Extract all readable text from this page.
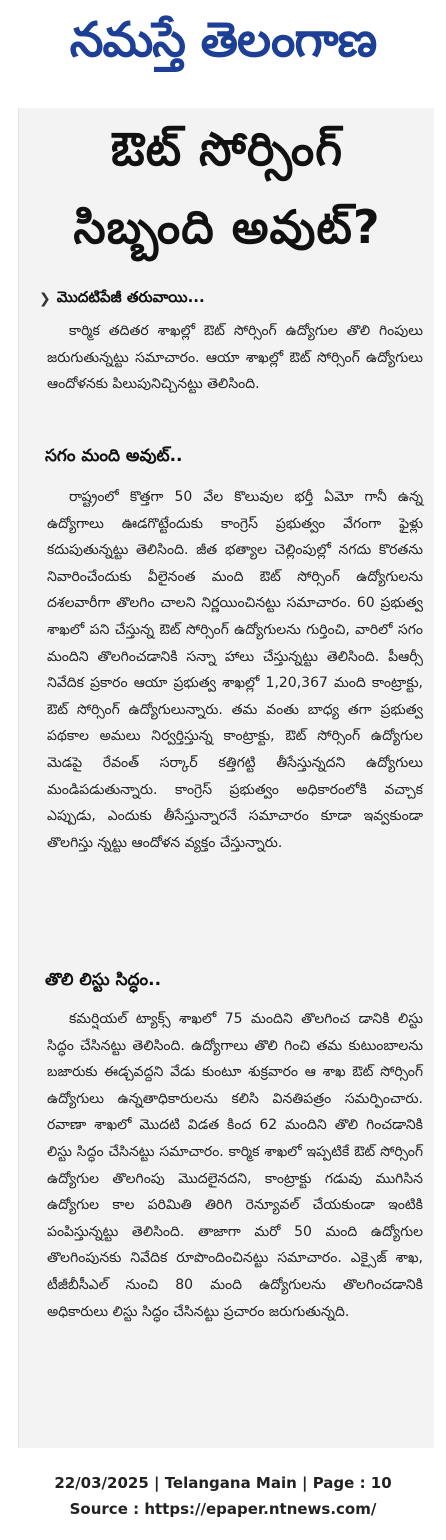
నమస్తే తెలంగాణ
ఔట్ సోర్సింగ్
సిబ్బంది అవుట్?
❯ మొదటిపేజీ తరువాయి...

కార్మిక తదితర శాఖల్లో ఔట్ సోర్సింగ్ ఉద్యోగుల తొలి గింపులు జరుగుతున్నట్టు సమాచారం. ఆయా శాఖల్లో ఔట్ సోర్సింగ్ ఉద్యోగులు ఆందోళనకు పిలుపునిచ్చినట్టు తెలిసింది.

సగం మంది అవుట్..

రాష్ట్రంలో కొత్తగా 50 వేల కొలువుల భర్తీ ఏమో గానీ ఉన్న ఉద్యోగాలు ఊడగొట్టేందుకు కాంగ్రెస్ ప్రభుత్వం వేగంగా ఫైళ్లు కదుపుతున్నట్టు తెలిసింది. జీత భత్యాల చెల్లింపుల్లో నగదు కొరతను నివారించేందుకు వీలైనంత మంది ఔట్ సోర్సింగ్ ఉద్యోగులను దశలవారీగా తొలగిం చాలని నిర్ణయించినట్టు సమాచారం. 60 ప్రభుత్వ శాఖలో పని చేస్తున్న ఔట్ సోర్సింగ్ ఉద్యోగులను గుర్తించి, వారిలో సగం మందిని తొలగించడానికి సన్నా హాలు చేస్తున్నట్టు తెలిసింది. పీఆర్సీ నివేదిక ప్రకారం ఆయా ప్రభుత్వ శాఖల్లో 1,20,367 మంది కాంట్రాక్టు, ఔట్ సోర్సింగ్ ఉద్యోగులున్నారు. తమ వంతు బాధ్య తగా ప్రభుత్వ పథకాల అమలు నిర్వర్తిస్తున్న కాంట్రాక్టు, ఔట్ సోర్సింగ్ ఉద్యోగుల మెడపై రేవంత్ సర్కార్ కత్తిగట్టి తీసేస్తున్నదని ఉద్యోగులు మండిపడుతున్నారు. కాంగ్రెస్ ప్రభుత్వం అధికారంలోకి వచ్చాక ఎప్పుడు, ఎందుకు తీసేస్తున్నారనే సమాచారం కూడా ఇవ్వకుండా తొలగిస్తు న్నట్టు ఆందోళన వ్యక్తం చేస్తున్నారు.

తొలి లిస్టు సిద్ధం..

కమర్షియల్ ట్యాక్స్ శాఖలో 75 మందిని తొలగించ డానికి లిస్టు సిద్ధం చేసినట్టు తెలిసింది. ఉద్యోగాలు తొలి గించి తమ కుటుంబాలను బజారుకు ఈడ్చవద్దని వేడు కుంటూ శుక్రవారం ఆ శాఖ ఔట్ సోర్సింగ్ ఉద్యోగులు ఉన్నతాధికారులను కలిసి వినతిపత్రం సమర్పించారు. రవాణా శాఖలో మొదటి విడత కింద 62 మందిని తొలి గించడానికి లిస్టు సిద్ధం చేసినట్టు సమాచారం. కార్మిక శాఖలో ఇప్పటికే ఔట్ సోర్సింగ్ ఉద్యోగుల తొలగింపు మొదలైనదని, కాంట్రాక్టు గడువు ముగిసిన ఉద్యోగుల కాల పరిమితి తిరిగి రెన్యూవల్ చేయకుండా ఇంటికి పంపిస్తున్నట్టు తెలిసింది. తాజాగా మరో 50 మంది ఉద్యోగుల తొలగింపునకు నివేదిక రూపొందించినట్టు సమాచారం. ఎక్సైజ్ శాఖ, టీజీబీసీఎల్ నుంచి 80 మంది ఉద్యోగులను తొలగించడానికి అధికారులు లిస్టు సిద్ధం చేసినట్టు ప్రచారం జరుగుతున్నది.

22/03/2025 | Telangana Main | Page : 10
Source : https://epaper.ntnews.com/
